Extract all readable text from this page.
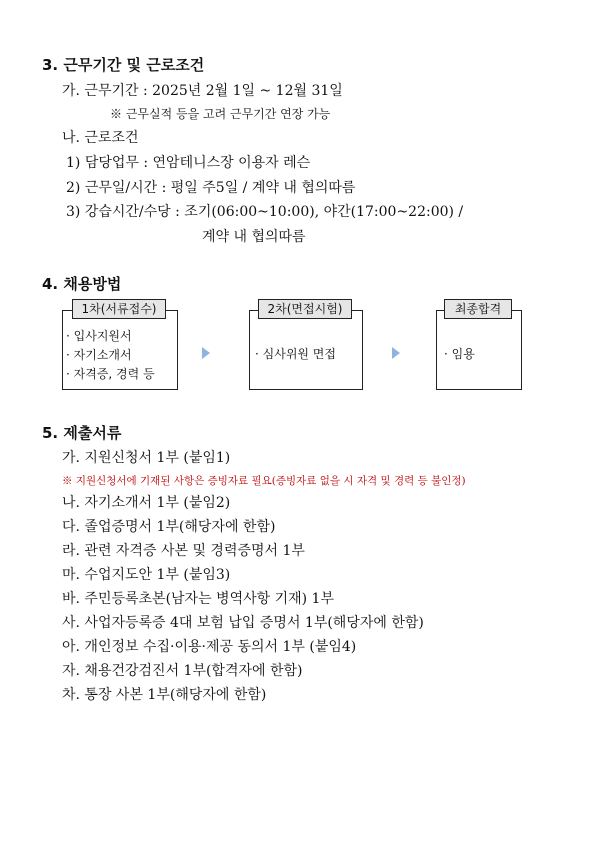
3. 근무기간 및 근로조건
가. 근무기간 : 2025년 2월 1일 ~ 12월 31일
※ 근무실적 등을 고려 근무기간 연장 가능
나. 근로조건
1) 담당업무 : 연암테니스장 이용자 레슨
2) 근무일/시간 : 평일 주5일 / 계약 내 협의따름
3) 강습시간/수당 : 조기(06:00~10:00), 야간(17:00~22:00) /
계약 내 협의따름
4. 채용방법
1차(서류접수)
· 입사지원서
· 자기소개서
· 자격증, 경력 등
2차(면접시험)
· 심사위원 면접
최종합격
· 임용
5. 제출서류
가. 지원신청서 1부 (붙임1)
※ 지원신청서에 기재된 사항은 증빙자료 필요(증빙자료 없을 시 자격 및 경력 등 불인정)
나. 자기소개서 1부 (붙임2)
다. 졸업증명서 1부(해당자에 한함)
라. 관련 자격증 사본 및 경력증명서 1부
마. 수업지도안 1부 (붙임3)
바. 주민등록초본(남자는 병역사항 기재) 1부
사. 사업자등록증 4대 보험 납입 증명서 1부(해당자에 한함)
아. 개인정보 수집·이용·제공 동의서 1부 (붙임4)
자. 채용건강검진서 1부(합격자에 한함)
차. 통장 사본 1부(해당자에 한함)
